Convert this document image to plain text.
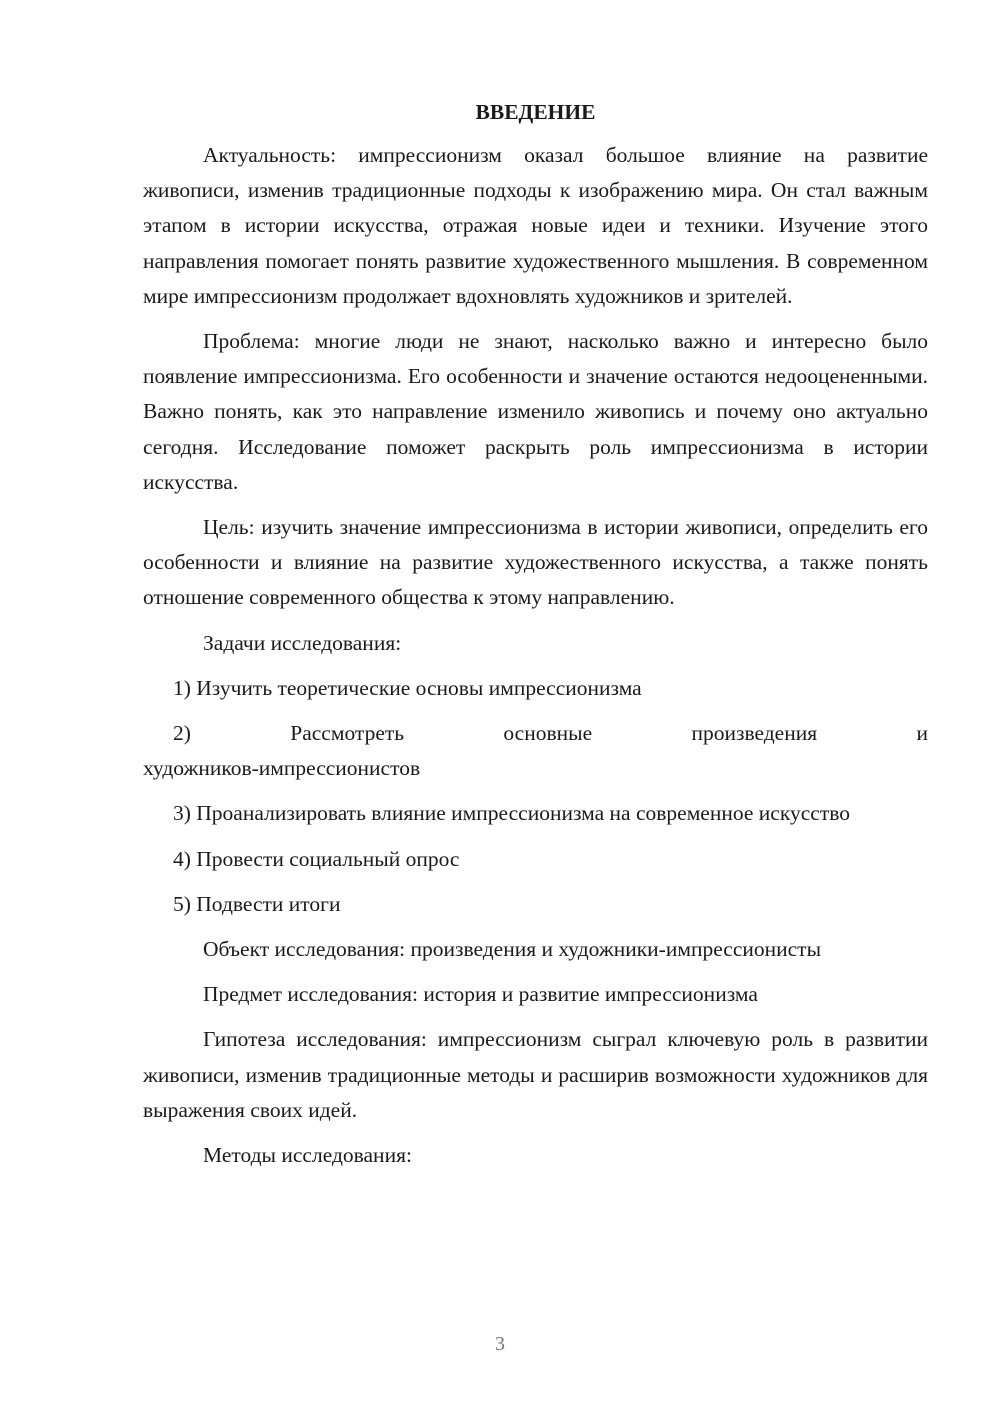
ВВЕДЕНИЕ

Актуальность: импрессионизм оказал большое влияние на развитие живописи, изменив традиционные подходы к изображению мира. Он стал важным этапом в истории искусства, отражая новые идеи и техники. Изучение этого направления помогает понять развитие художественного мышления. В современном мире импрессионизм продолжает вдохновлять художников и зрителей.

Проблема: многие люди не знают, насколько важно и интересно было появление импрессионизма. Его особенности и значение остаются недооцененными. Важно понять, как это направление изменило живопись и почему оно актуально сегодня. Исследование поможет раскрыть роль импрессионизма в истории искусства.

Цель: изучить значение импрессионизма в истории живописи, определить его особенности и влияние на развитие художественного искусства, а также понять отношение современного общества к этому направлению.

Задачи исследования:

1) Изучить теоретические основы импрессионизма

2)	Рассмотреть	основные	произведения	и
художников-импрессионистов

3) Проанализировать влияние импрессионизма на современное искусство

4) Провести социальный опрос

5) Подвести итоги

Объект исследования: произведения и художники-импрессионисты

Предмет исследования: история и развитие импрессионизма

Гипотеза исследования: импрессионизм сыграл ключевую роль в развитии живописи, изменив традиционные методы и расширив возможности художников для выражения своих идей.

Методы исследования:

3
